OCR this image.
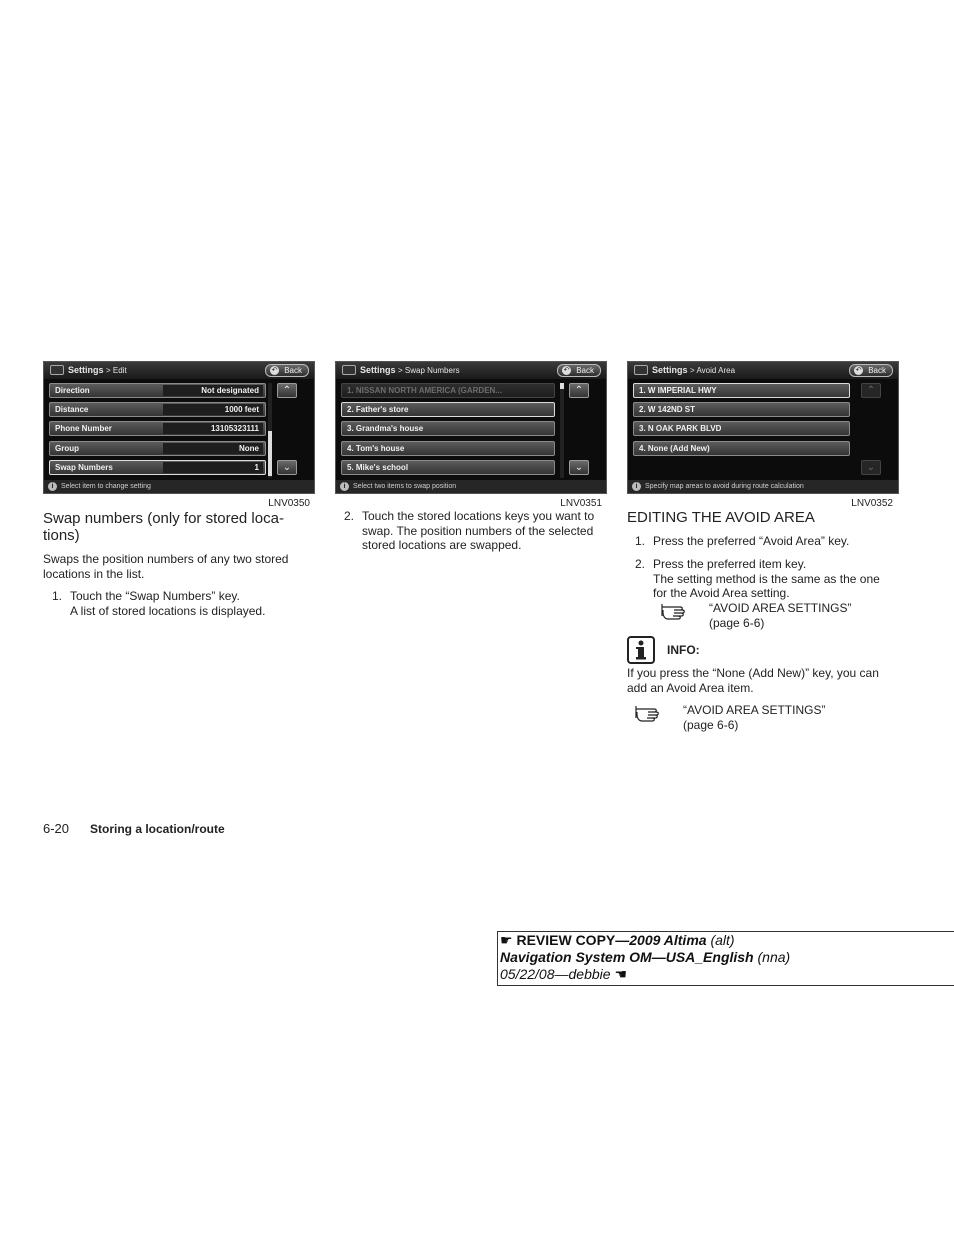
Settings > Edit	↶ Back
Direction	Not designated
Distance	1000 feet
Phone Number	13105323111
Group	None
Swap Numbers	1
⌃
⌄
i	Select item to change setting
LNV0350
Settings > Swap Numbers	↶ Back
1. NISSAN NORTH AMERICA (GARDEN...
2. Father's store
3. Grandma's house
4. Tom's house
5. Mike's school
⌃
⌄
i	Select two items to swap position
LNV0351
Settings > Avoid Area	↶ Back
1. W IMPERIAL HWY
2. W 142ND ST
3. N OAK PARK BLVD
4. None (Add New)
⌃
⌄
i	Specify map areas to avoid during route calculation
LNV0352
Swap numbers (only for stored loca-
tions)
Swaps the position numbers of any two stored
locations in the list.
1. Touch the “Swap Numbers” key.
A list of stored locations is displayed.
2. Touch the stored locations keys you want to
swap. The position numbers of the selected
stored locations are swapped.
EDITING THE AVOID AREA
1. Press the preferred “Avoid Area” key.
2. Press the preferred item key.
The setting method is the same as the one
for the Avoid Area setting.
“AVOID AREA SETTINGS”
(page 6-6)
INFO:
If you press the “None (Add New)” key, you can
add an Avoid Area item.
“AVOID AREA SETTINGS”
(page 6-6)
6-20 Storing a location/route
☛ REVIEW COPY—2009 Altima (alt)
Navigation System OM—USA_English (nna)
05/22/08—debbie ☚
